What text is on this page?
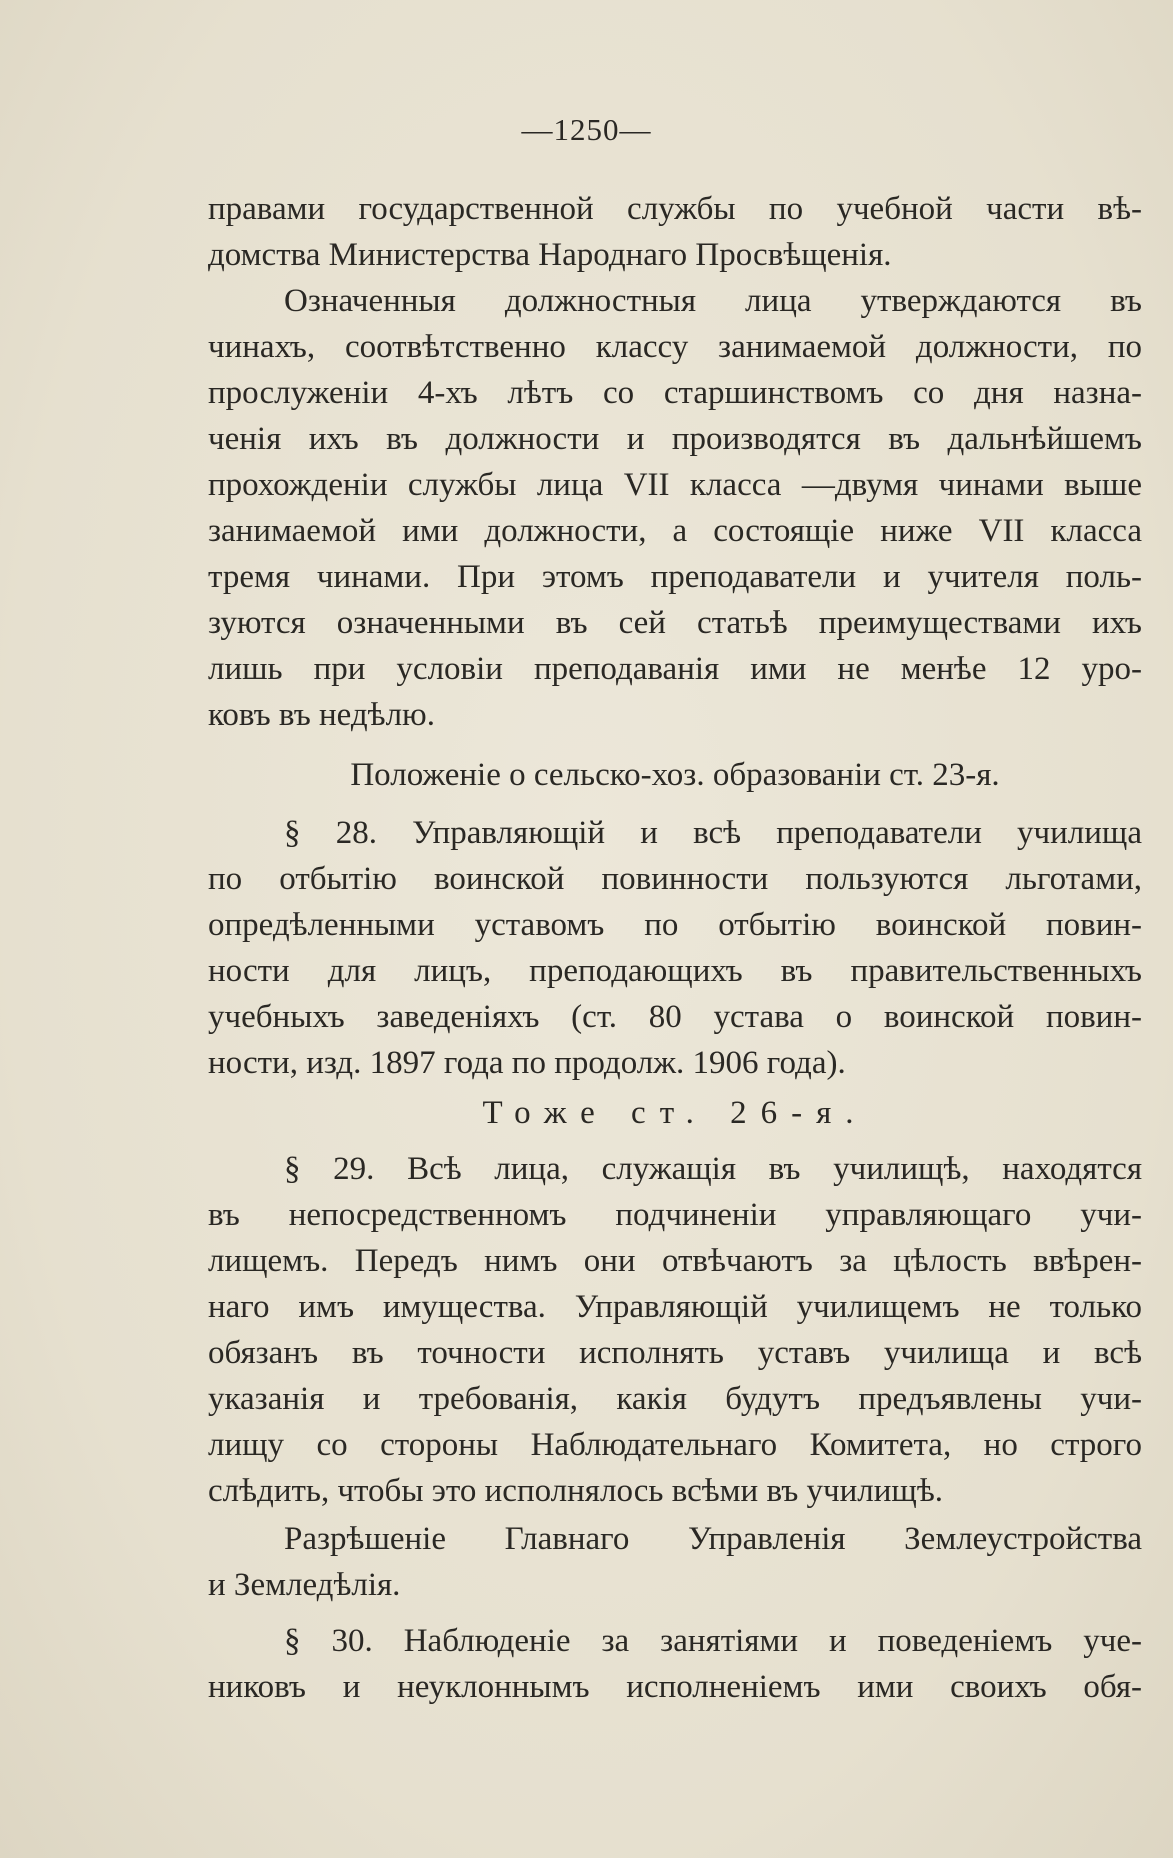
—1250—
правами государственной службы по учебной части вѣ-
домства Министерства Народнаго Просвѣщенія.
Означенныя должностныя лица утверждаются въ
чинахъ, соотвѣтственно классу занимаемой должности, по
прослуженіи 4-хъ лѣтъ со старшинствомъ со дня назна-
ченія ихъ въ должности и производятся въ дальнѣйшемъ
прохожденіи службы лица VII класса —двумя чинами выше
занимаемой ими должности, а состоящіе ниже VII класса
тремя чинами. При этомъ преподаватели и учителя поль-
зуются означенными въ сей статьѣ преимуществами ихъ
лишь при условіи преподаванія ими не менѣе 12 уро-
ковъ въ недѣлю.
Положеніе о сельско-хоз. образованіи ст. 23-я.
§ 28. Управляющій и всѣ преподаватели училища
по отбытію воинской повинности пользуются льготами,
опредѣленными уставомъ по отбытію воинской повин-
ности для лицъ, преподающихъ въ правительственныхъ
учебныхъ заведеніяхъ (ст. 80 устава о воинской повин-
ности, изд. 1897 года по продолж. 1906 года).
Тоже ст. 26-я.
§ 29. Всѣ лица, служащія въ училищѣ, находятся
въ непосредственномъ подчиненіи управляющаго учи-
лищемъ. Передъ нимъ они отвѣчаютъ за цѣлость ввѣрен-
наго имъ имущества. Управляющій училищемъ не только
обязанъ въ точности исполнять уставъ училища и всѣ
указанія и требованія, какія будутъ предъявлены учи-
лищу со стороны Наблюдательнаго Комитета, но строго
слѣдить, чтобы это исполнялось всѣми въ училищѣ.
Разрѣшеніе Главнаго Управленія Землеустройства
и Земледѣлія.
§ 30. Наблюденіе за занятіями и поведеніемъ уче-
никовъ и неуклоннымъ исполненіемъ ими своихъ обя-
